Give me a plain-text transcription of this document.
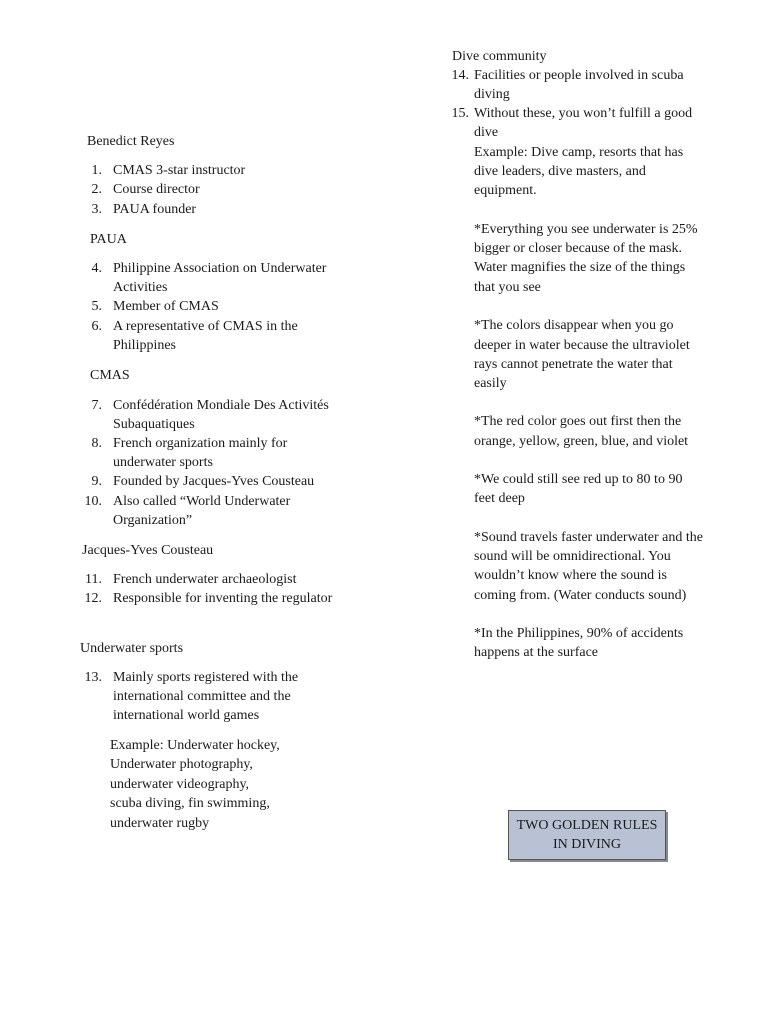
Benedict Reyes
1. CMAS 3-star instructor
2. Course director
3. PAUA founder
PAUA
4. Philippine Association on Underwater
Activities
5. Member of CMAS
6. A representative of CMAS in the
Philippines
CMAS
7. Confédération Mondiale Des Activités
Subaquatiques
8. French organization mainly for
underwater sports
9. Founded by Jacques-Yves Cousteau
10. Also called “World Underwater
Organization”
Jacques-Yves Cousteau
11. French underwater archaeologist
12. Responsible for inventing the regulator
Underwater sports
13. Mainly sports registered with the
international committee and the
international world games
Example: Underwater hockey,
Underwater photography,
underwater videography,
scuba diving, fin swimming,
underwater rugby
Dive community
14. Facilities or people involved in scuba
diving
15. Without these, you won’t fulfill a good
dive
Example: Dive camp, resorts that has
dive leaders, dive masters, and
equipment.
*Everything you see underwater is 25%
bigger or closer because of the mask.
Water magnifies the size of the things
that you see
*The colors disappear when you go
deeper in water because the ultraviolet
rays cannot penetrate the water that
easily
*The red color goes out first then the
orange, yellow, green, blue, and violet
*We could still see red up to 80 to 90
feet deep
*Sound travels faster underwater and the
sound will be omnidirectional. You
wouldn’t know where the sound is
coming from. (Water conducts sound)
*In the Philippines, 90% of accidents
happens at the surface
TWO GOLDEN RULES
IN DIVING
